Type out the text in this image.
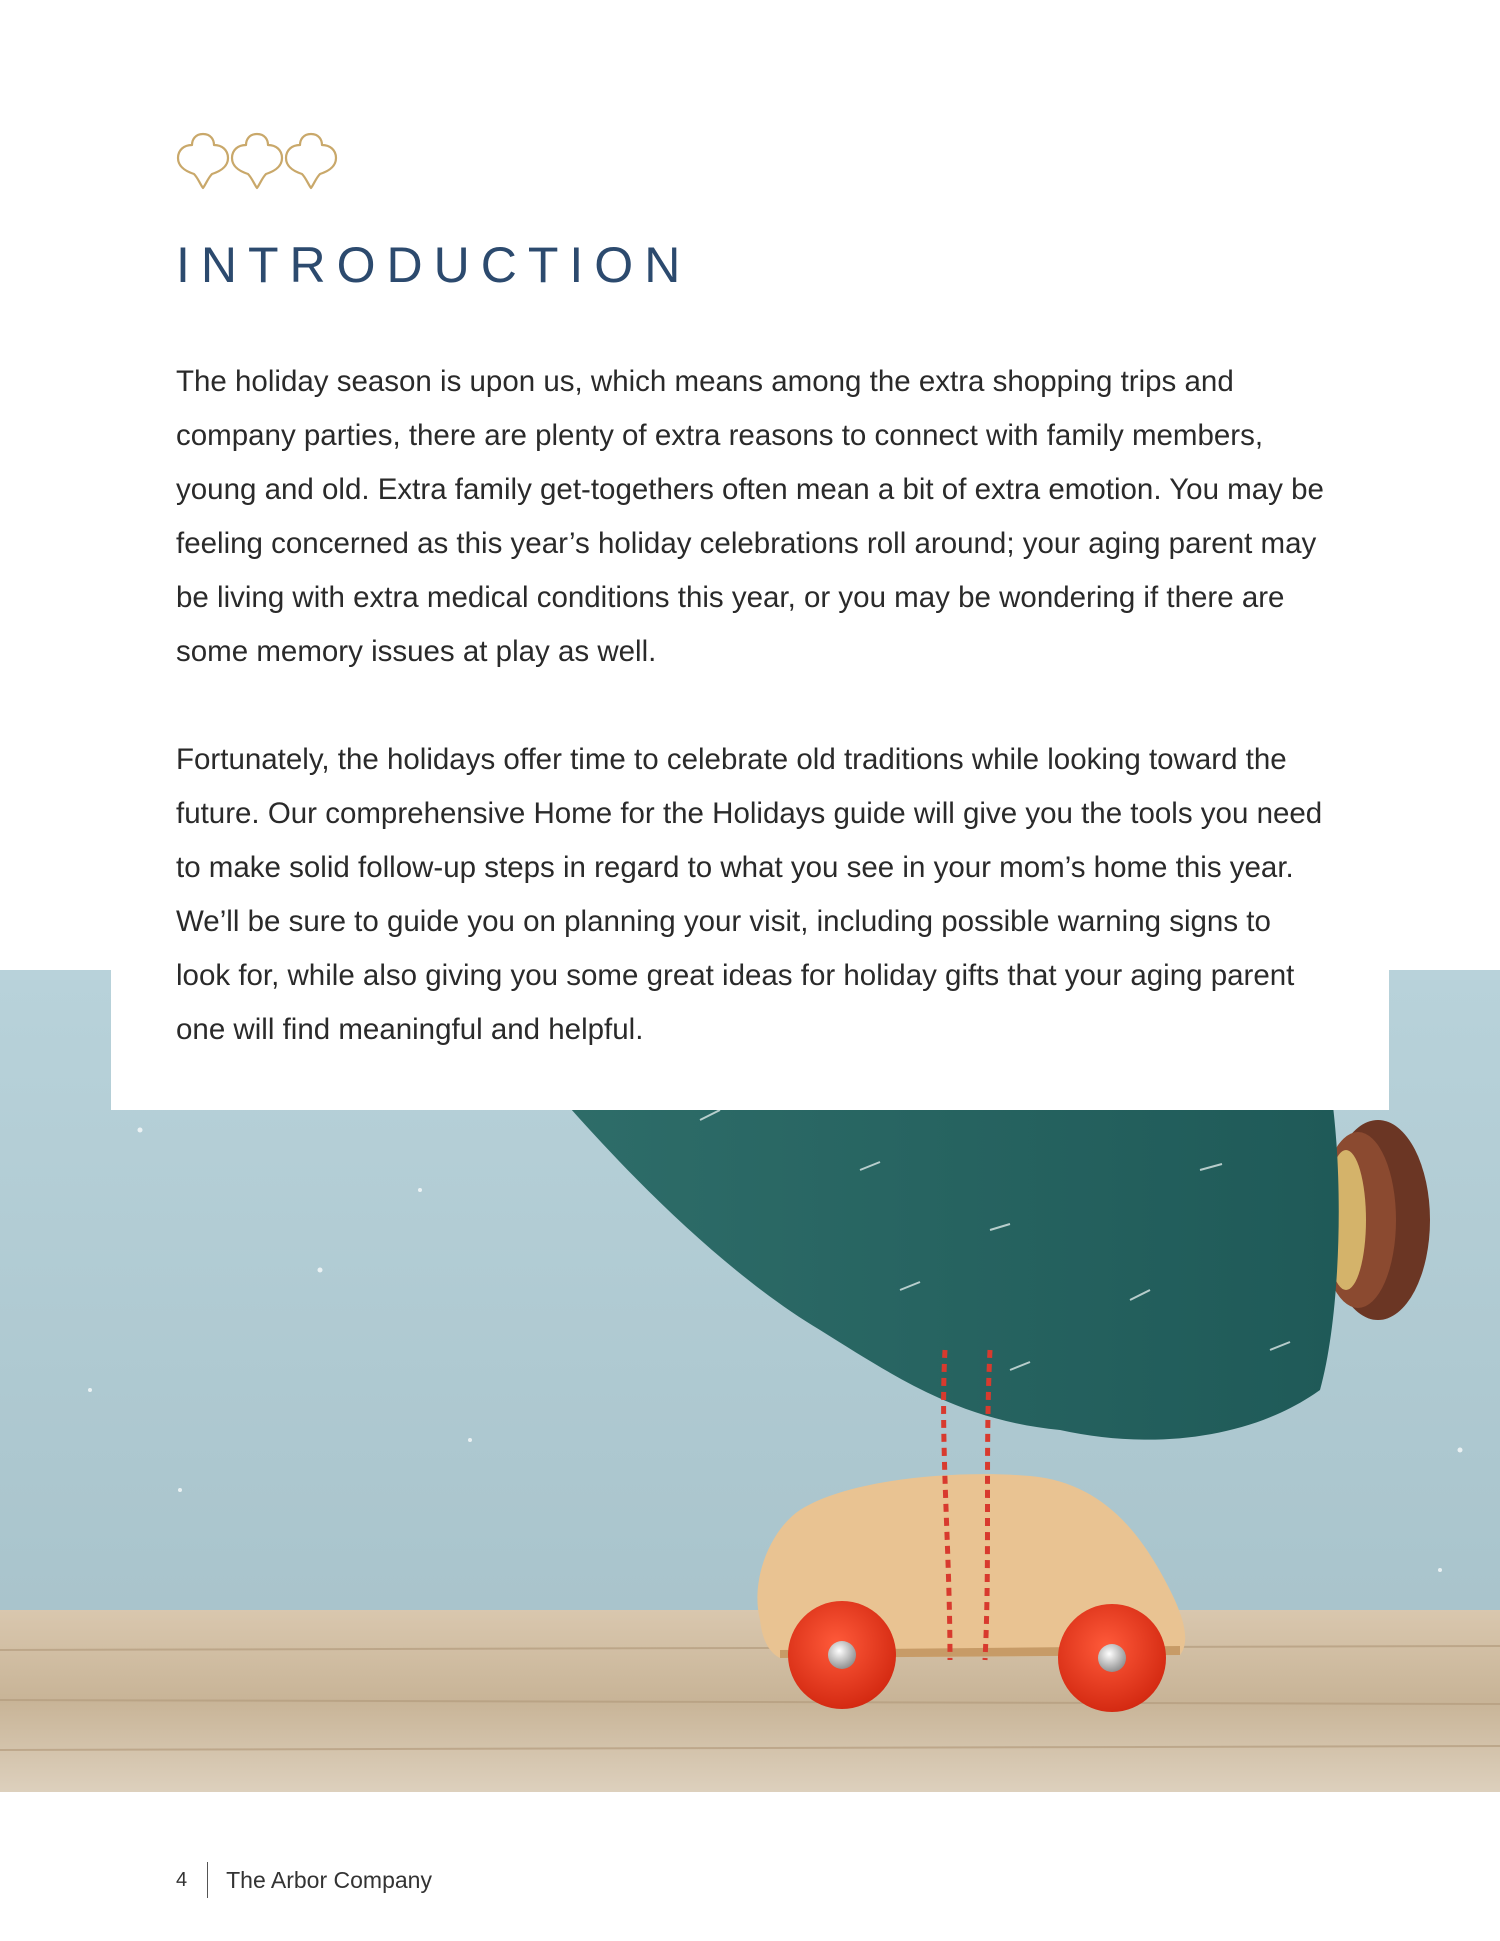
INTRODUCTION

The holiday season is upon us, which means among the extra shopping trips and company parties, there are plenty of extra reasons to connect with family members, young and old. Extra family get-togethers often mean a bit of extra emotion. You may be feeling concerned as this year’s holiday celebrations roll around; your aging parent may be living with extra medical conditions this year, or you may be wondering if there are some memory issues at play as well.

Fortunately, the holidays offer time to celebrate old traditions while looking toward the future. Our comprehensive Home for the Holidays guide will give you the tools you need to make solid follow-up steps in regard to what you see in your mom’s home this year. We’ll be sure to guide you on planning your visit, including possible warning signs to look for, while also giving you some great ideas for holiday gifts that your aging parent one will find meaningful and helpful.

4 The Arbor Company
